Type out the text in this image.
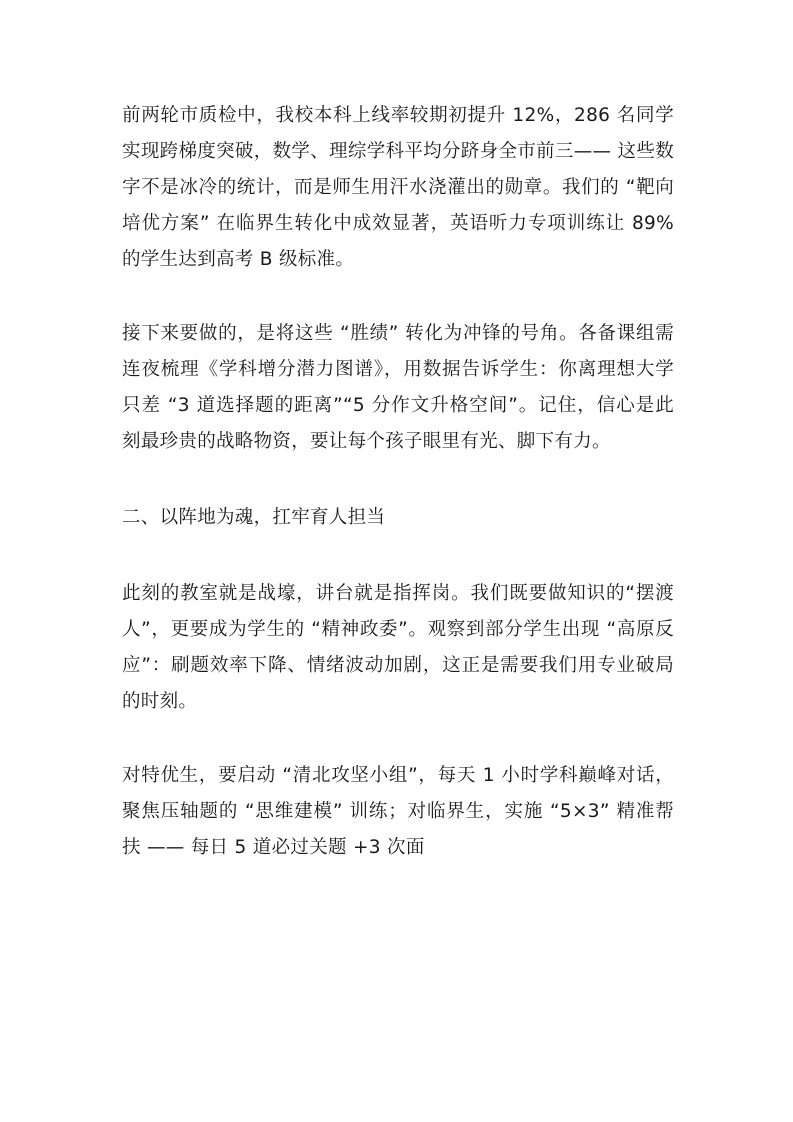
前两轮市质检中，我校本科上线率较期初提升 12%，286 名同学实现跨梯度突破，数学、理综学科平均分跻身全市前三—— 这些数字不是冰冷的统计，而是师生用汗水浇灌出的勋章。我们的 “靶向培优方案” 在临界生转化中成效显著，英语听力专项训练让 89% 的学生达到高考 B 级标准。

接下来要做的，是将这些 “胜绩” 转化为冲锋的号角。各备课组需连夜梳理《学科增分潜力图谱》，用数据告诉学生：你离理想大学只差 “3 道选择题的距离”“5 分作文升格空间”。记住，信心是此刻最珍贵的战略物资，要让每个孩子眼里有光、脚下有力。

二、以阵地为魂，扛牢育人担当

此刻的教室就是战壕，讲台就是指挥岗。我们既要做知识的“摆渡人”，更要成为学生的 “精神政委”。观察到部分学生出现 “高原反应”：刷题效率下降、情绪波动加剧，这正是需要我们用专业破局的时刻。

对特优生，要启动 “清北攻坚小组”，每天 1 小时学科巅峰对话，聚焦压轴题的 “思维建模” 训练；对临界生，实施 “5×3” 精准帮扶 —— 每日 5 道必过关题 +3 次面
